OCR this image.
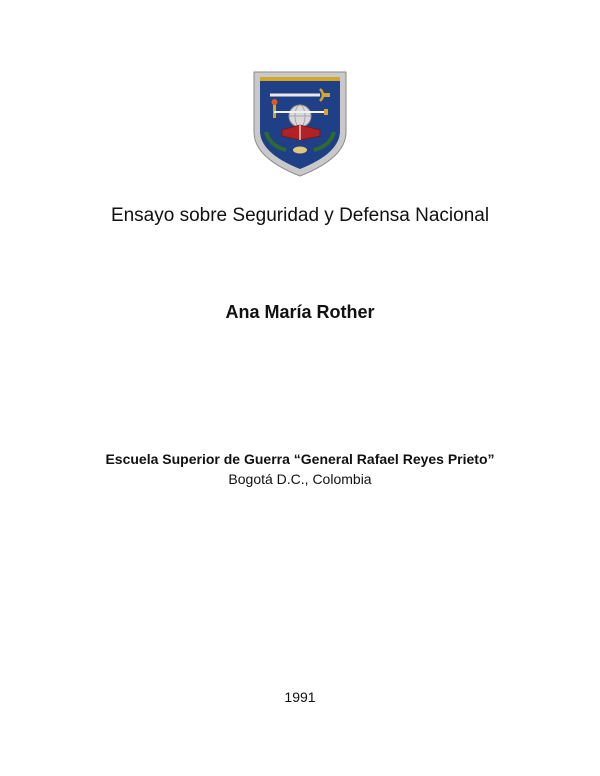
Ensayo sobre Seguridad y Defensa Nacional
Ana María Rother
Escuela Superior de Guerra “General Rafael Reyes Prieto”
Bogotá D.C., Colombia
1991
